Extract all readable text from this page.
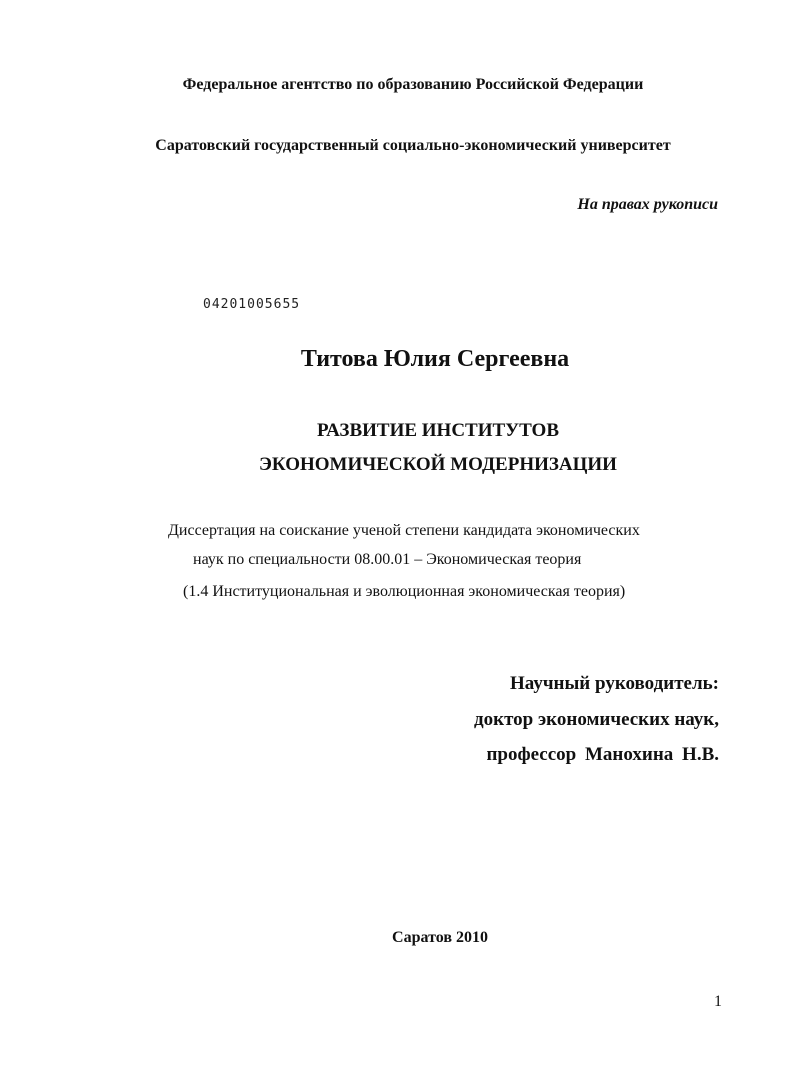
Федеральное агентство по образованию Российской Федерации
Саратовский государственный социально-экономический университет
На правах рукописи
04201005655
Титова Юлия Сергеевна
РАЗВИТИЕ ИНСТИТУТОВ
ЭКОНОМИЧЕСКОЙ МОДЕРНИЗАЦИИ
Диссертация на соискание ученой степени кандидата экономических
наук по специальности 08.00.01 – Экономическая теория
(1.4 Институциональная и эволюционная экономическая теория)
Научный руководитель:
доктор экономических наук,
профессор Манохина Н.В.
Саратов 2010
1
